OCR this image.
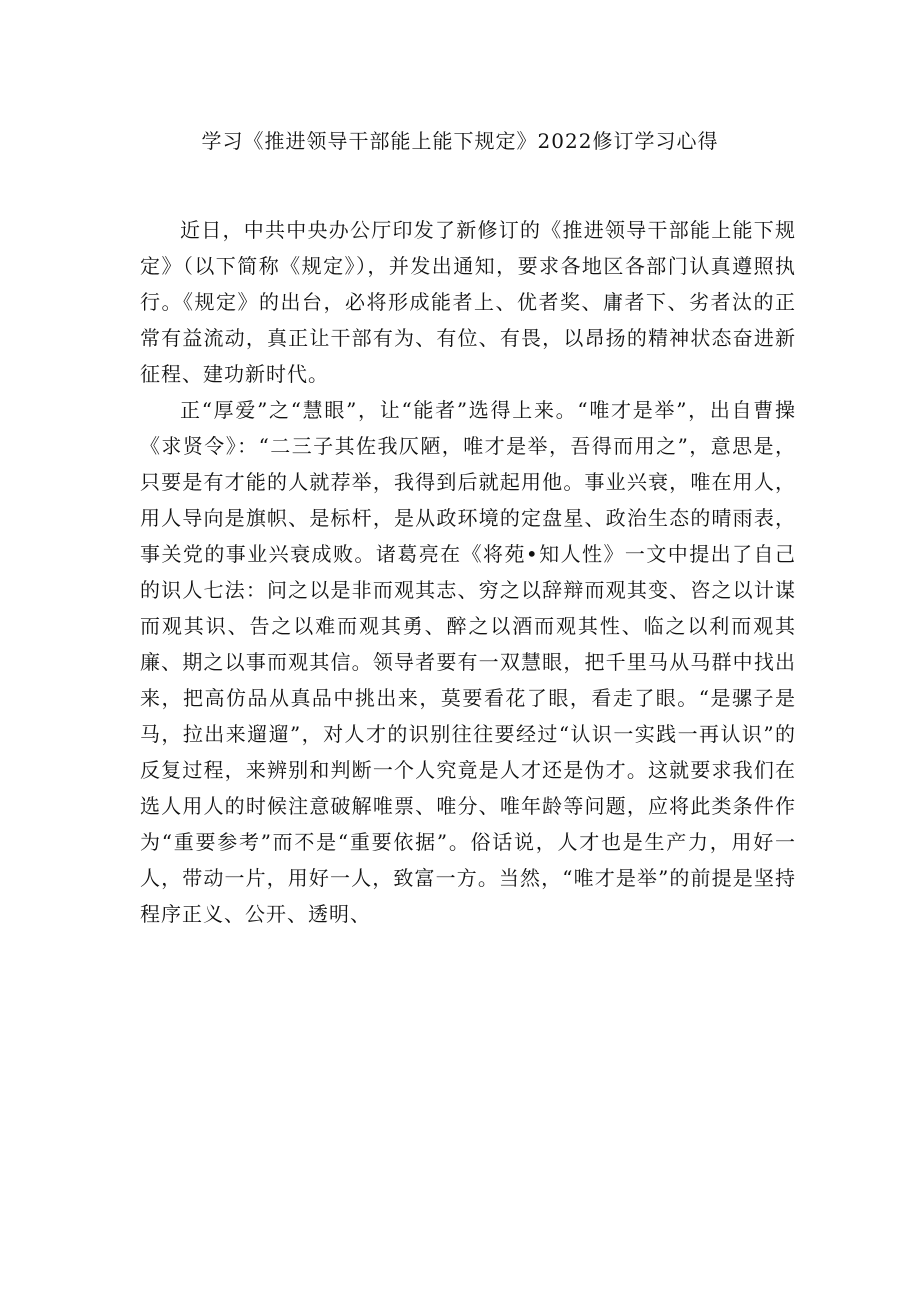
学习《推进领导干部能上能下规定》2022修订学习心得

近日，中共中央办公厅印发了新修订的《推进领导干部能上能下规定》（以下简称《规定》），并发出通知，要求各地区各部门认真遵照执行。《规定》的出台，必将形成能者上、优者奖、庸者下、劣者汰的正常有益流动，真正让干部有为、有位、有畏，以昂扬的精神状态奋进新征程、建功新时代。

正“厚爱”之“慧眼”，让“能者”选得上来。“唯才是举”，出自曹操《求贤令》：“二三子其佐我仄陋，唯才是举，吾得而用之”，意思是，只要是有才能的人就荐举，我得到后就起用他。事业兴衰，唯在用人，用人导向是旗帜、是标杆，是从政环境的定盘星、政治生态的晴雨表，事关党的事业兴衰成败。诸葛亮在《将苑•知人性》一文中提出了自己的识人七法：问之以是非而观其志、穷之以辞辩而观其变、咨之以计谋而观其识、告之以难而观其勇、醉之以酒而观其性、临之以利而观其廉、期之以事而观其信。领导者要有一双慧眼，把千里马从马群中找出来，把高仿品从真品中挑出来，莫要看花了眼，看走了眼。“是骡子是马，拉出来遛遛”，对人才的识别往往要经过“认识一实践一再认识”的反复过程，来辨别和判断一个人究竟是人才还是伪才。这就要求我们在选人用人的时候注意破解唯票、唯分、唯年龄等问题，应将此类条件作为“重要参考”而不是“重要依据”。俗话说，人才也是生产力，用好一人，带动一片，用好一人，致富一方。当然，“唯才是举”的前提是坚持程序正义、公开、透明、
